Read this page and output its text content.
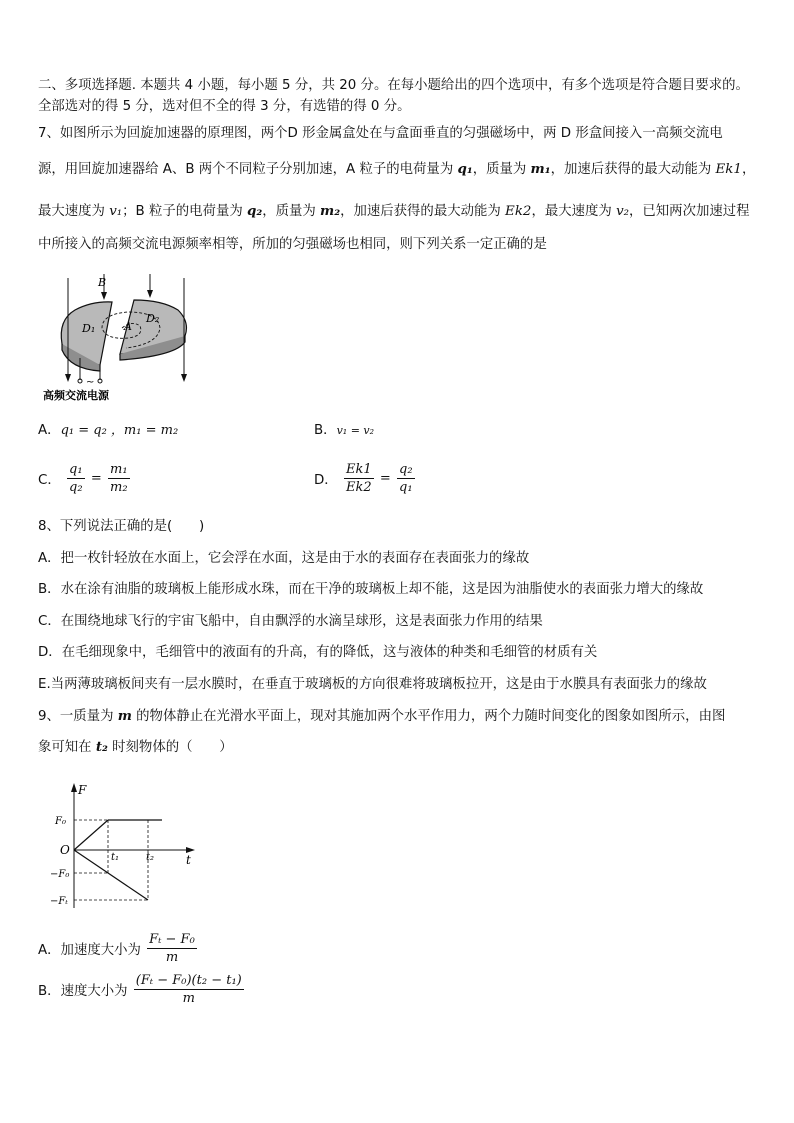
二、多项选择题. 本题共 4 小题，每小题 5 分，共 20 分。在每小题给出的四个选项中，有多个选项是符合题目要求的。
全部选对的得 5 分，选对但不全的得 3 分，有选错的得 0 分。
7、如图所示为回旋加速器的原理图，两个D 形金属盒处在与盒面垂直的匀强磁场中，两 D 形盒间接入一高频交流电
源，用回旋加速器给 A、B 两个不同粒子分别加速，A 粒子的电荷量为 q₁，质量为 m₁，加速后获得的最大动能为 Ek1，
最大速度为 v₁；B 粒子的电荷量为 q₂，质量为 m₂，加速后获得的最大动能为 Ek2，最大速度为 v₂，已知两次加速过程
中所接入的高频交流电源频率相等，所加的匀强磁场也相同，则下列关系一定正确的是
B
A
D₁
D₂
~
高频交流电源
A．q₁ = q₂ ，m₁ = m₂	B．v₁ = v₂
C． $\frac{\text{q₁}}{\text{q₂}} = \frac{\text{m₁}}{\text{m₂}}$	D． $\frac{Ek1}{Ek2} = \frac{\text{q₂}}{\text{q₁}}$
8、下列说法正确的是(　　)
A．把一枚针轻放在水面上，它会浮在水面，这是由于水的表面存在表面张力的缘故
B．水在涂有油脂的玻璃板上能形成水珠，而在干净的玻璃板上却不能，这是因为油脂使水的表面张力增大的缘故
C．在围绕地球飞行的宇宙飞船中，自由飘浮的水滴呈球形，这是表面张力作用的结果
D．在毛细现象中，毛细管中的液面有的升高，有的降低，这与液体的种类和毛细管的材质有关
E.当两薄玻璃板间夹有一层水膜时，在垂直于玻璃板的方向很难将玻璃板拉开，这是由于水膜具有表面张力的缘故
9、一质量为 m 的物体静止在光滑水平面上，现对其施加两个水平作用力，两个力随时间变化的图象如图所示，由图
象可知在 t₂ 时刻物体的（　　）
F
t
O
F₀
−F₀
−Fₜ
t₁	t₂
A．加速度大小为 $\frac{\text{Fₜ − F₀}}{m}$
B．速度大小为 $\frac{\text{(Fₜ − F₀)(t₂ − t₁)}}{m}$
